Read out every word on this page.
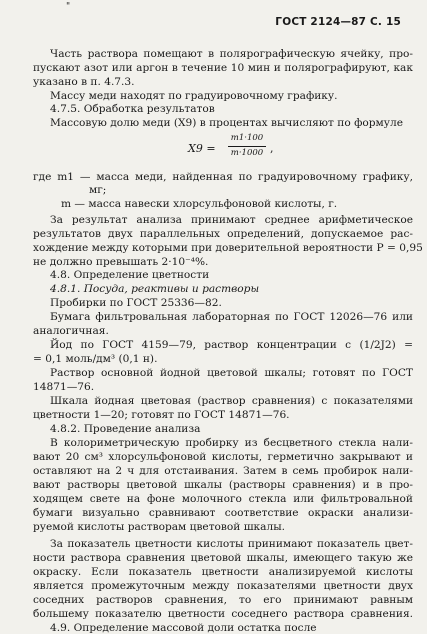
"
ГОСТ 2124—87 С. 15
Часть раствора помещают в полярографическую ячейку, про-
пускают азот или аргон в течение 10 мин и полярографируют, как
указано в п. 4.7.3.
Массу меди находят по градуировочному графику.
4.7.5. Обработка результатов
Массовую долю меди (X9) в процентах вычисляют по формуле
X9 =
m1·100
m·1000 ,
где m1 — масса меди, найденная по градуировочному графику,
мг;
m — масса навески хлорсульфоновой кислоты, г.
За результат анализа принимают среднее арифметическое
результатов двух параллельных определений, допускаемое рас-
хождение между которыми при доверительной вероятности P = 0,95
не должно превышать 2·10⁻⁴%.
4.8. Определение цветности
4.8.1. Посуда, реактивы и растворы
Пробирки по ГОСТ 25336—82.
Бумага фильтровальная лабораторная по ГОСТ 12026—76 или
аналогичная.
Йод по ГОСТ 4159—79, раствор концентрации c (1/2J2) =
= 0,1 моль/дм³ (0,1 н).
Раствор основной йодной цветовой шкалы; готовят по ГОСТ
14871—76.
Шкала йодная цветовая (раствор сравнения) с показателями
цветности 1—20; готовят по ГОСТ 14871—76.
4.8.2. Проведение анализа
В колориметрическую пробирку из бесцветного стекла нали-
вают 20 см³ хлорсульфоновой кислоты, герметично закрывают и
оставляют на 2 ч для отстаивания. Затем в семь пробирок нали-
вают растворы цветовой шкалы (растворы сравнения) и в про-
ходящем свете на фоне молочного стекла или фильтровальной
бумаги визуально сравнивают соответствие окраски анализи-
руемой кислоты растворам цветовой шкалы.
За показатель цветности кислоты принимают показатель цвет-
ности раствора сравнения цветовой шкалы, имеющего такую же
окраску. Если показатель цветности анализируемой кислоты
является промежуточным между показателями цветности двух
соседних растворов сравнения, то его принимают равным
большему показателю цветности соседнего раствора сравнения.
4.9. Определение массовой доли остатка после
